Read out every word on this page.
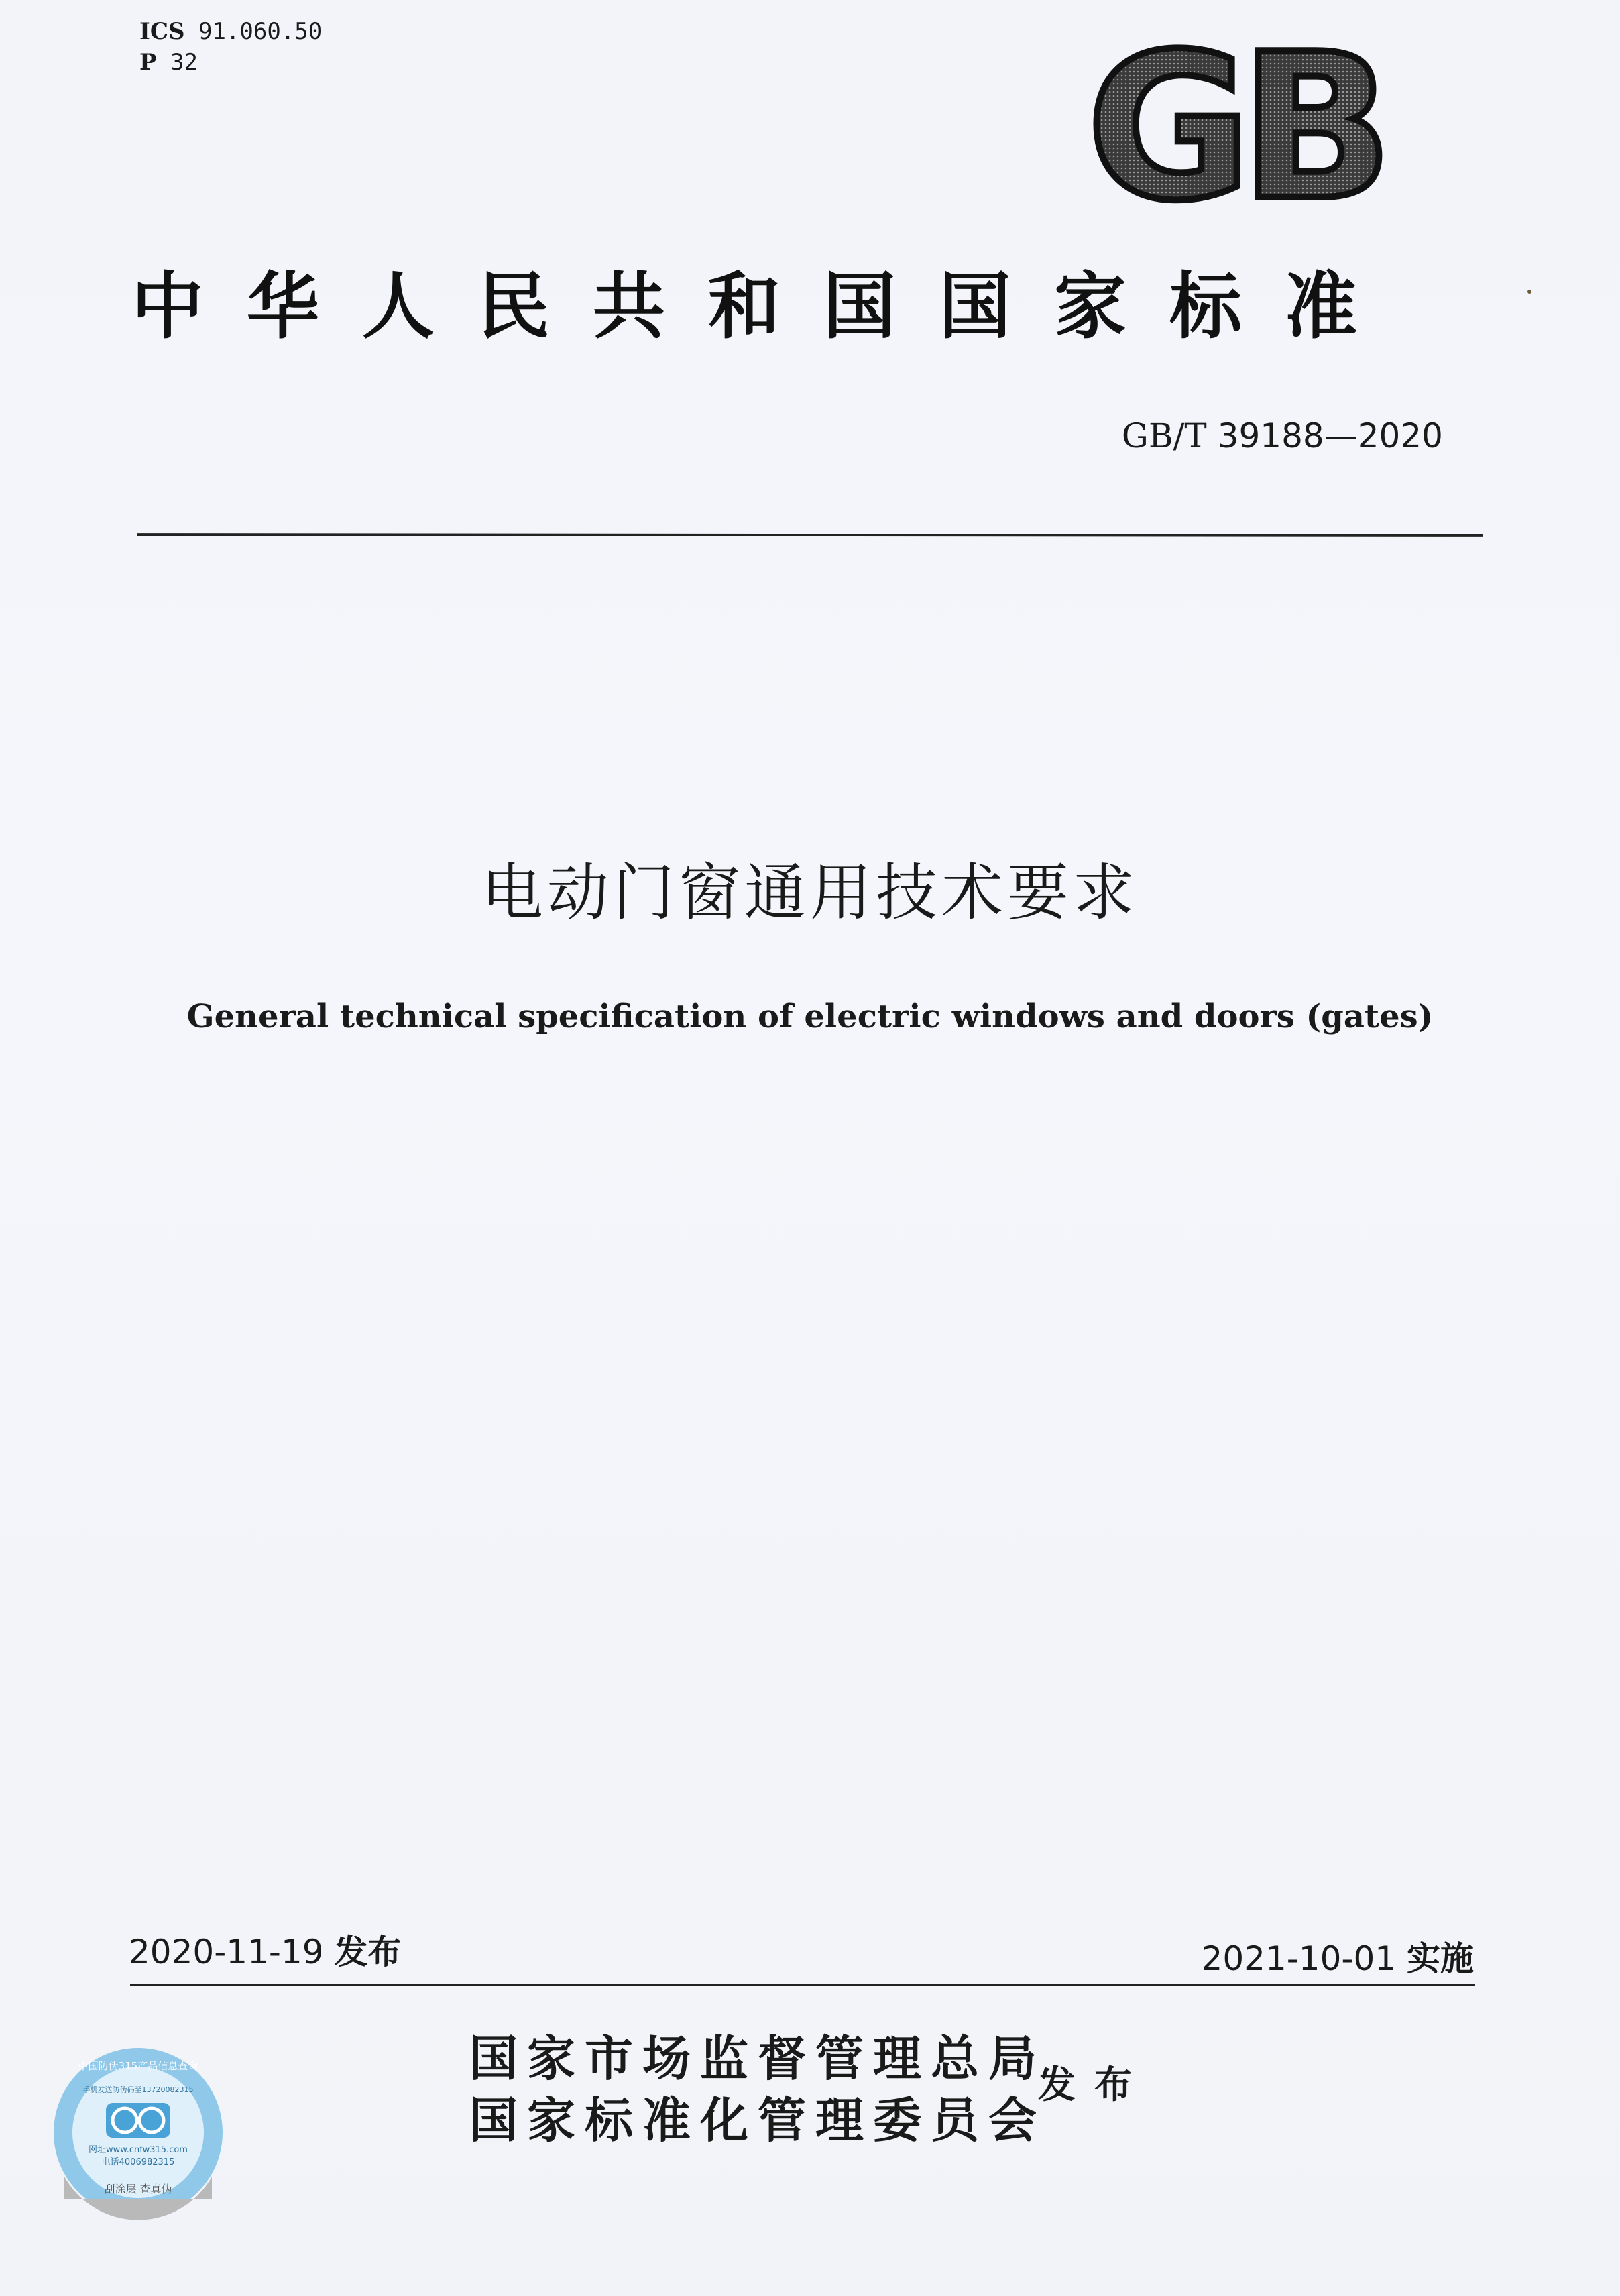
ICS 91.060.50
P 32	GB
中华人民共和国国家标准
GB/T 39188—2020
电动门窗通用技术要求
General technical specification of electric windows and doors (gates)
2020-11-19 发布	2021-10-01 实施
国家市场监督管理总局
国家标准化管理委员会
发布
中国防伪315产品信息查询
手机发送防伪码至13720082315
网址www.cnfw315.com
电话4006982315
刮涂层 查真伪
